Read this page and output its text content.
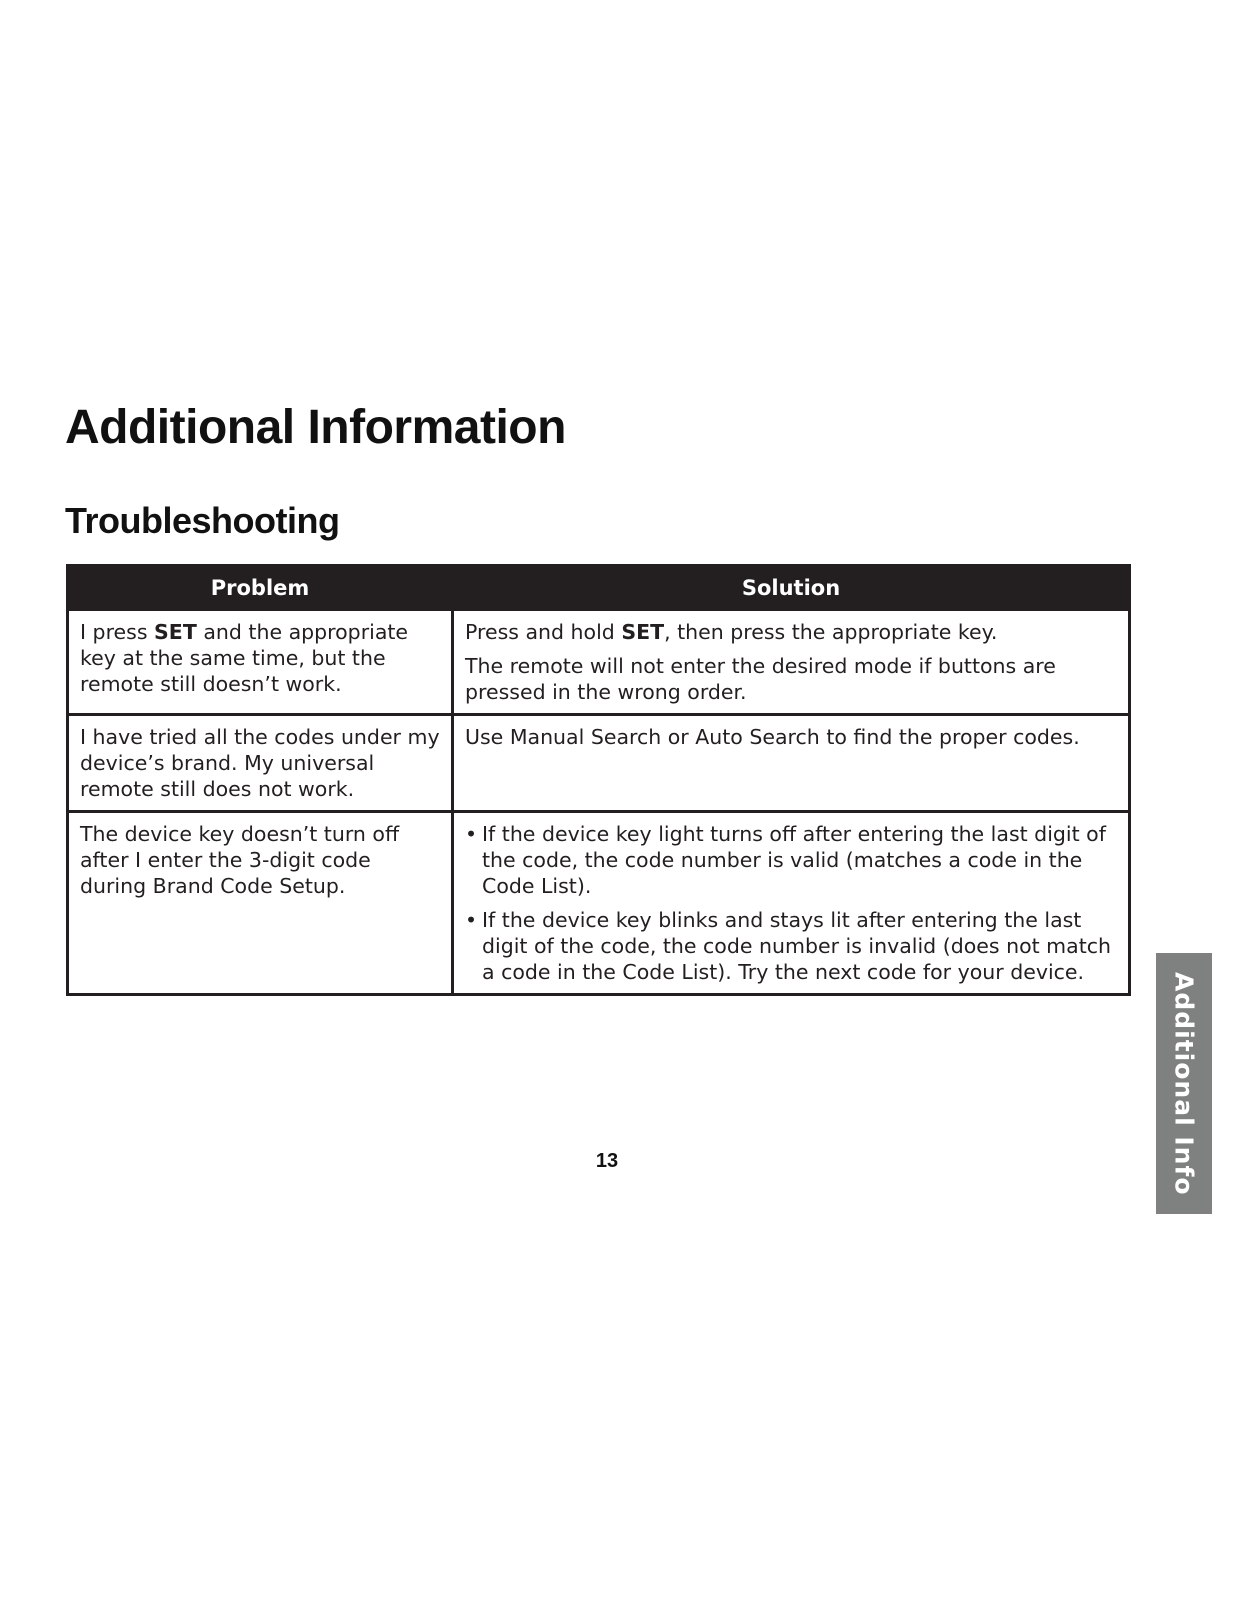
Additional Information
Troubleshooting
Problem	Solution
I press SET and the appropriate key at the same time, but the remote still doesn’t work.	Press and hold SET, then press the appropriate key.

The remote will not enter the desired mode if buttons are pressed in the wrong order.

I have tried all the codes under my device’s brand. My universal remote still does not work.	Use Manual Search or Auto Search to find the proper codes.
The device key doesn’t turn off after I enter the 3-digit code during Brand Code Setup.	• If the device key light turns off after entering the last digit of the code, the code number is valid (matches a code in the Code List).
• If the device key blinks and stays lit after entering the last digit of the code, the code number is invalid (does not match a code in the Code List). Try the next code for your device.
13	Additional Info
